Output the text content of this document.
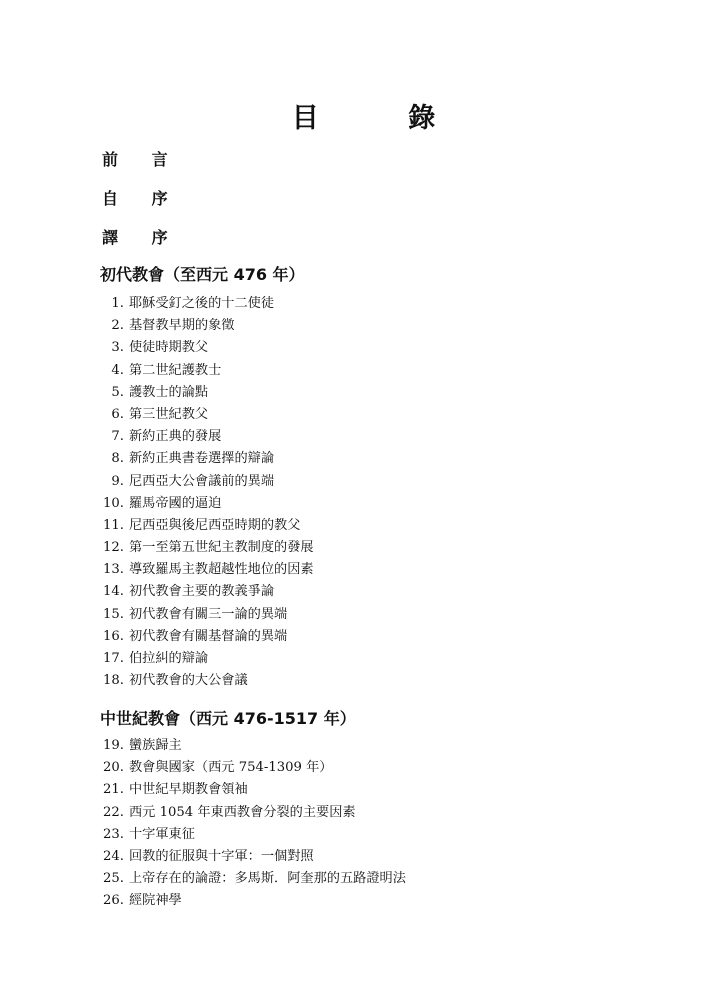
目 錄
前 言
自 序
譯 序
初代教會（至西元 476 年）
1. 耶穌受釘之後的十二使徒
2. 基督教早期的象徵
3. 使徒時期教父
4. 第二世紀護教士
5. 護教士的論點
6. 第三世紀教父
7. 新約正典的發展
8. 新約正典書卷選擇的辯論
9. 尼西亞大公會議前的異端
10. 羅馬帝國的逼迫
11. 尼西亞與後尼西亞時期的教父
12. 第一至第五世紀主教制度的發展
13. 導致羅馬主教超越性地位的因素
14. 初代教會主要的教義爭論
15. 初代教會有關三一論的異端
16. 初代教會有關基督論的異端
17. 伯拉糾的辯論
18. 初代教會的大公會議
中世紀教會（西元 476-1517 年）
19. 蠻族歸主
20. 教會與國家（西元 754-1309 年）
21. 中世紀早期教會領袖
22. 西元 1054 年東西教會分裂的主要因素
23. 十字軍東征
24. 回教的征服與十字軍：一個對照
25. 上帝存在的論證：多馬斯．阿奎那的五路證明法
26. 經院神學
